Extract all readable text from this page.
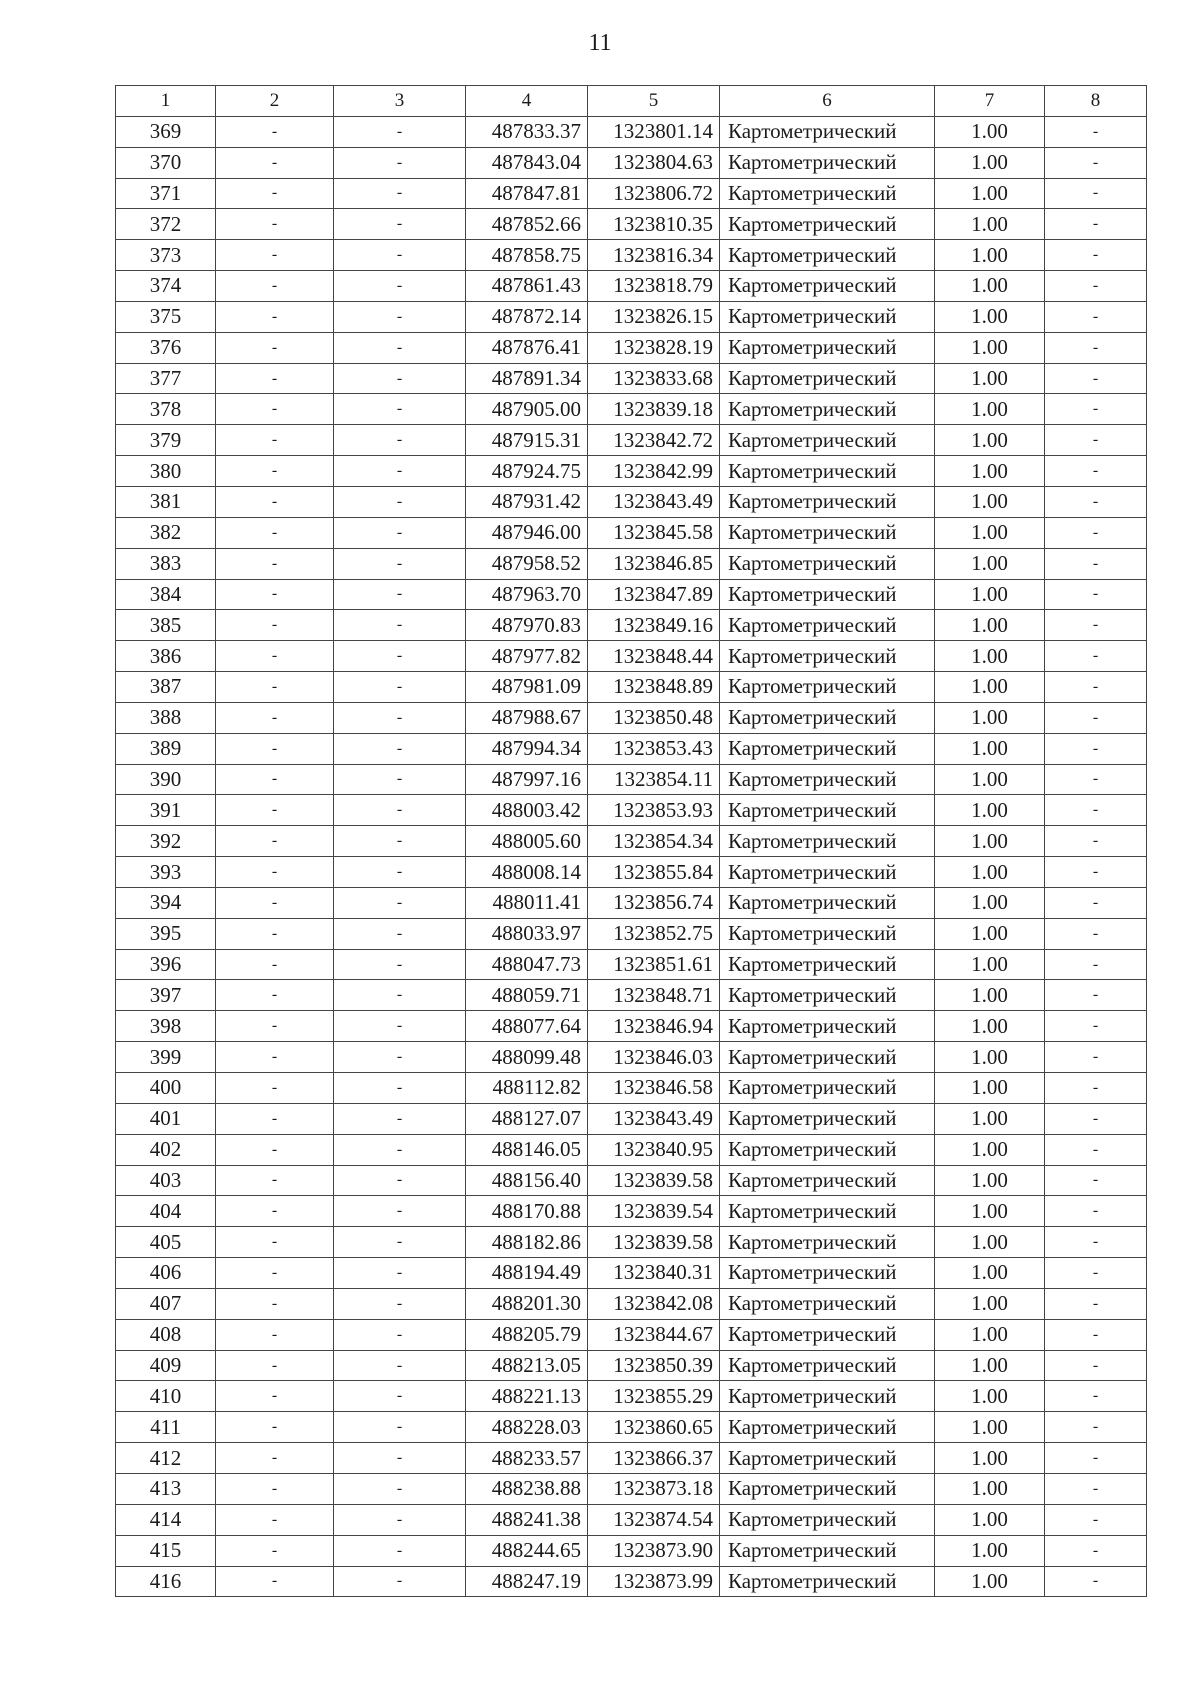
11
1	2	3	4	5	6	7	8
369	-	-	487833.37	1323801.14	Картометрический	1.00	-
370	-	-	487843.04	1323804.63	Картометрический	1.00	-
371	-	-	487847.81	1323806.72	Картометрический	1.00	-
372	-	-	487852.66	1323810.35	Картометрический	1.00	-
373	-	-	487858.75	1323816.34	Картометрический	1.00	-
374	-	-	487861.43	1323818.79	Картометрический	1.00	-
375	-	-	487872.14	1323826.15	Картометрический	1.00	-
376	-	-	487876.41	1323828.19	Картометрический	1.00	-
377	-	-	487891.34	1323833.68	Картометрический	1.00	-
378	-	-	487905.00	1323839.18	Картометрический	1.00	-
379	-	-	487915.31	1323842.72	Картометрический	1.00	-
380	-	-	487924.75	1323842.99	Картометрический	1.00	-
381	-	-	487931.42	1323843.49	Картометрический	1.00	-
382	-	-	487946.00	1323845.58	Картометрический	1.00	-
383	-	-	487958.52	1323846.85	Картометрический	1.00	-
384	-	-	487963.70	1323847.89	Картометрический	1.00	-
385	-	-	487970.83	1323849.16	Картометрический	1.00	-
386	-	-	487977.82	1323848.44	Картометрический	1.00	-
387	-	-	487981.09	1323848.89	Картометрический	1.00	-
388	-	-	487988.67	1323850.48	Картометрический	1.00	-
389	-	-	487994.34	1323853.43	Картометрический	1.00	-
390	-	-	487997.16	1323854.11	Картометрический	1.00	-
391	-	-	488003.42	1323853.93	Картометрический	1.00	-
392	-	-	488005.60	1323854.34	Картометрический	1.00	-
393	-	-	488008.14	1323855.84	Картометрический	1.00	-
394	-	-	488011.41	1323856.74	Картометрический	1.00	-
395	-	-	488033.97	1323852.75	Картометрический	1.00	-
396	-	-	488047.73	1323851.61	Картометрический	1.00	-
397	-	-	488059.71	1323848.71	Картометрический	1.00	-
398	-	-	488077.64	1323846.94	Картометрический	1.00	-
399	-	-	488099.48	1323846.03	Картометрический	1.00	-
400	-	-	488112.82	1323846.58	Картометрический	1.00	-
401	-	-	488127.07	1323843.49	Картометрический	1.00	-
402	-	-	488146.05	1323840.95	Картометрический	1.00	-
403	-	-	488156.40	1323839.58	Картометрический	1.00	-
404	-	-	488170.88	1323839.54	Картометрический	1.00	-
405	-	-	488182.86	1323839.58	Картометрический	1.00	-
406	-	-	488194.49	1323840.31	Картометрический	1.00	-
407	-	-	488201.30	1323842.08	Картометрический	1.00	-
408	-	-	488205.79	1323844.67	Картометрический	1.00	-
409	-	-	488213.05	1323850.39	Картометрический	1.00	-
410	-	-	488221.13	1323855.29	Картометрический	1.00	-
411	-	-	488228.03	1323860.65	Картометрический	1.00	-
412	-	-	488233.57	1323866.37	Картометрический	1.00	-
413	-	-	488238.88	1323873.18	Картометрический	1.00	-
414	-	-	488241.38	1323874.54	Картометрический	1.00	-
415	-	-	488244.65	1323873.90	Картометрический	1.00	-
416	-	-	488247.19	1323873.99	Картометрический	1.00	-
